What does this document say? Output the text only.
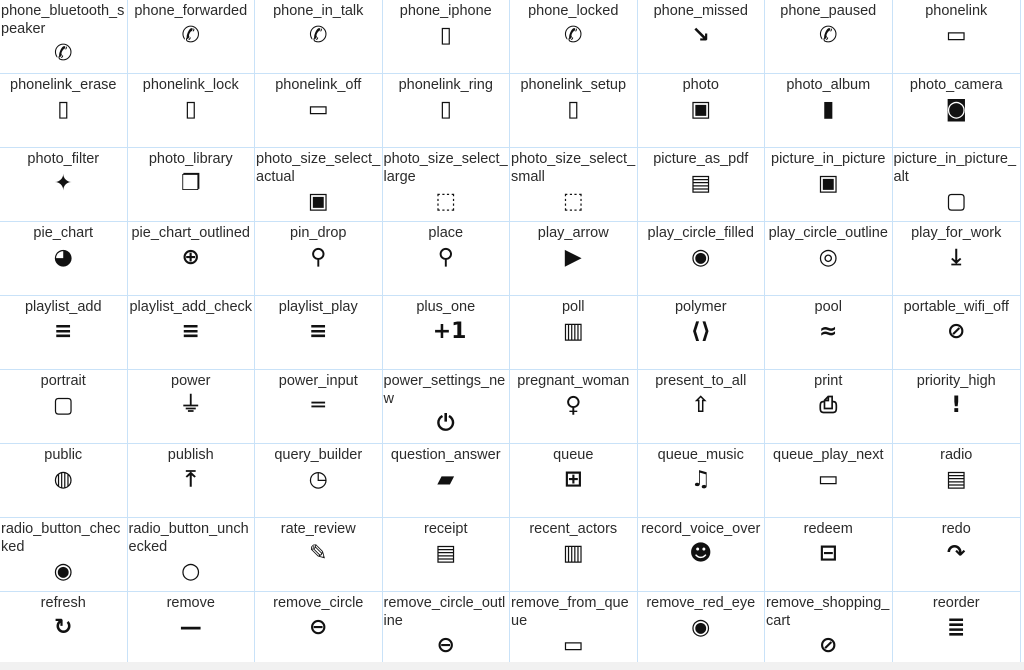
phone_bluetooth_speaker
✆
phone_forwarded
✆
phone_in_talk
✆
phone_iphone
▯
phone_locked
✆
phone_missed
↘
phone_paused
✆
phonelink
▭
phonelink_erase
▯
phonelink_lock
▯
phonelink_off
▭
phonelink_ring
▯
phonelink_setup
▯
photo
▣
photo_album
▮
photo_camera
◙
photo_filter
✦
photo_library
❐
photo_size_select_actual
▣
photo_size_select_large
⬚
photo_size_select_small
⬚
picture_as_pdf
▤
picture_in_picture
▣
picture_in_picture_alt
▢
pie_chart
◕
pie_chart_outlined
⊕
pin_drop
⚲
place
⚲
play_arrow
▶
play_circle_filled
◉
play_circle_outline
◎
play_for_work
⤓
playlist_add
≡
playlist_add_check
≡
playlist_play
≡
plus_one
+1
poll
▥
polymer
⟨⟩
pool
≈
portable_wifi_off
⊘
portrait
▢
power
⏚
power_input
═
power_settings_new
⏻
pregnant_woman
♀
present_to_all
⇧
print
⎙
priority_high
!
public
◍
publish
⤒
query_builder
◷
question_answer
▰
queue
⊞
queue_music
♫
queue_play_next
▭
radio
▤
radio_button_checked
◉
radio_button_unchecked
○
rate_review
✎
receipt
▤
recent_actors
▥
record_voice_over
☻
redeem
⊟
redo
↷
refresh
↻
remove
—
remove_circle
⊖
remove_circle_outline
⊖
remove_from_queue
▭
remove_red_eye
◉
remove_shopping_cart
⊘
reorder
≣
